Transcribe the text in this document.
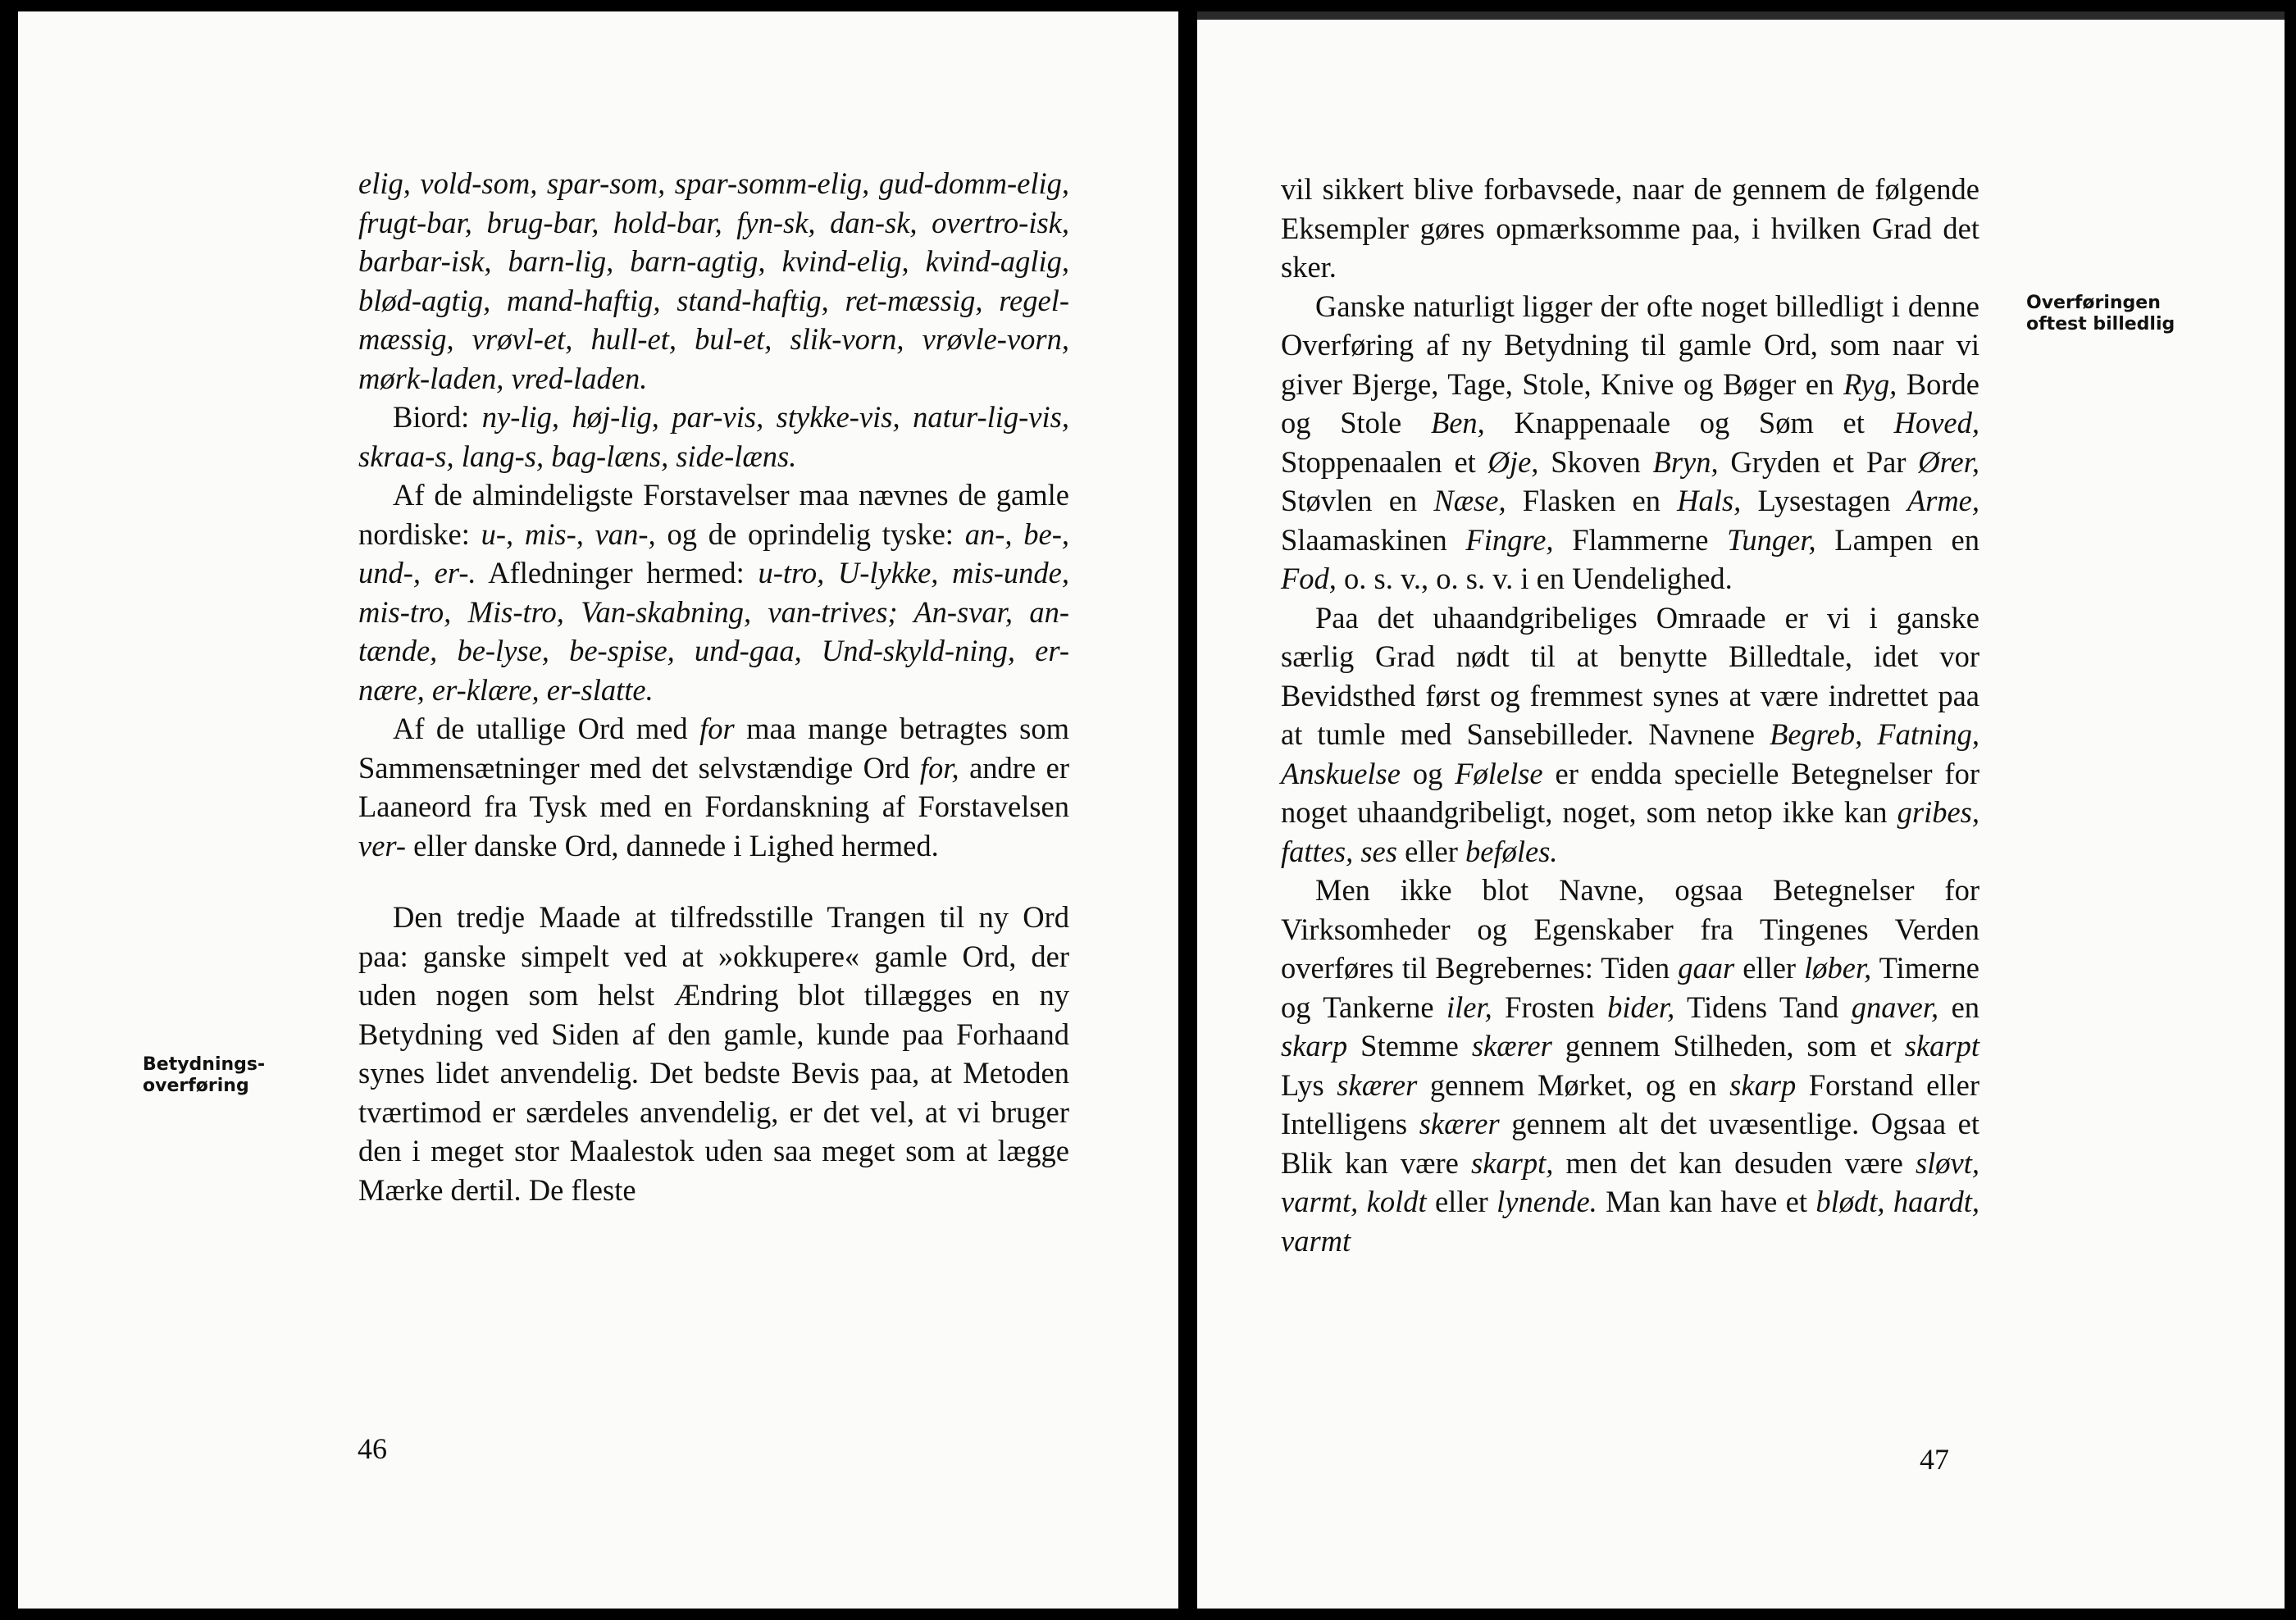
elig, vold-som, spar-som, spar-somm-elig, gud-domm-elig, frugt-bar, brug-bar, hold-bar, fyn-sk, dan-sk, overtro-isk, barbar-isk, barn-lig, barn-agtig, kvind-elig, kvind-aglig, blød-agtig, mand-haftig, stand-haftig, ret-mæssig, regel-mæssig, vrøvl-et, hull-et, bul-et, slik-vorn, vrøvle-vorn, mørk-laden, vred-laden.

Biord: ny-lig, høj-lig, par-vis, stykke-vis, natur-lig-vis, skraa-s, lang-s, bag-læns, side-læns.

Af de almindeligste Forstavelser maa nævnes de gamle nordiske: u-, mis-, van-, og de oprindelig tyske: an-, be-, und-, er-. Afledninger hermed: u-tro, U-lykke, mis-unde, mis-tro, Mis-tro, Van-skabning, van-trives; An-svar, an-tænde, be-lyse, be-spise, und-gaa, Und-skyld-ning, er-nære, er-klære, er-slatte.

Af de utallige Ord med for maa mange betragtes som Sammensætninger med det selvstændige Ord for, andre er Laaneord fra Tysk med en Fordanskning af Forstavelsen ver- eller danske Ord, dannede i Lighed hermed.

Den tredje Maade at tilfredsstille Trangen til ny Ord paa: ganske simpelt ved at »okkupere« gamle Ord, der uden nogen som helst Ændring blot tillægges en ny Betydning ved Siden af den gamle, kunde paa Forhaand synes lidet anvendelig. Det bedste Bevis paa, at Metoden tværtimod er særdeles anvendelig, er det vel, at vi bruger den i meget stor Maalestok uden saa meget som at lægge Mærke dertil. De fleste

Betydnings-
overføring
46

vil sikkert blive forbavsede, naar de gennem de følgende Eksempler gøres opmærksomme paa, i hvilken Grad det sker.

Ganske naturligt ligger der ofte noget billedligt i denne Overføring af ny Betydning til gamle Ord, som naar vi giver Bjerge, Tage, Stole, Knive og Bøger en Ryg, Borde og Stole Ben, Knappenaale og Søm et Hoved, Stoppenaalen et Øje, Skoven Bryn, Gryden et Par Ører, Støvlen en Næse, Flasken en Hals, Lysestagen Arme, Slaamaskinen Fingre, Flammerne Tunger, Lampen en Fod, o. s. v., o. s. v. i en Uendelighed.

Paa det uhaandgribeliges Omraade er vi i ganske særlig Grad nødt til at benytte Billedtale, idet vor Bevidsthed først og fremmest synes at være indrettet paa at tumle med Sansebilleder. Navnene Begreb, Fatning, Anskuelse og Følelse er endda specielle Betegnelser for noget uhaandgribeligt, noget, som netop ikke kan gribes, fattes, ses eller beføles.

Men ikke blot Navne, ogsaa Betegnelser for Virksomheder og Egenskaber fra Tingenes Verden overføres til Begrebernes: Tiden gaar eller løber, Timerne og Tankerne iler, Frosten bider, Tidens Tand gnaver, en skarp Stemme skærer gennem Stilheden, som et skarpt Lys skærer gennem Mørket, og en skarp Forstand eller Intelligens skærer gennem alt det uvæsentlige. Ogsaa et Blik kan være skarpt, men det kan desuden være sløvt, varmt, koldt eller lynende. Man kan have et blødt, haardt, varmt

Overføringen
oftest billedlig
47
